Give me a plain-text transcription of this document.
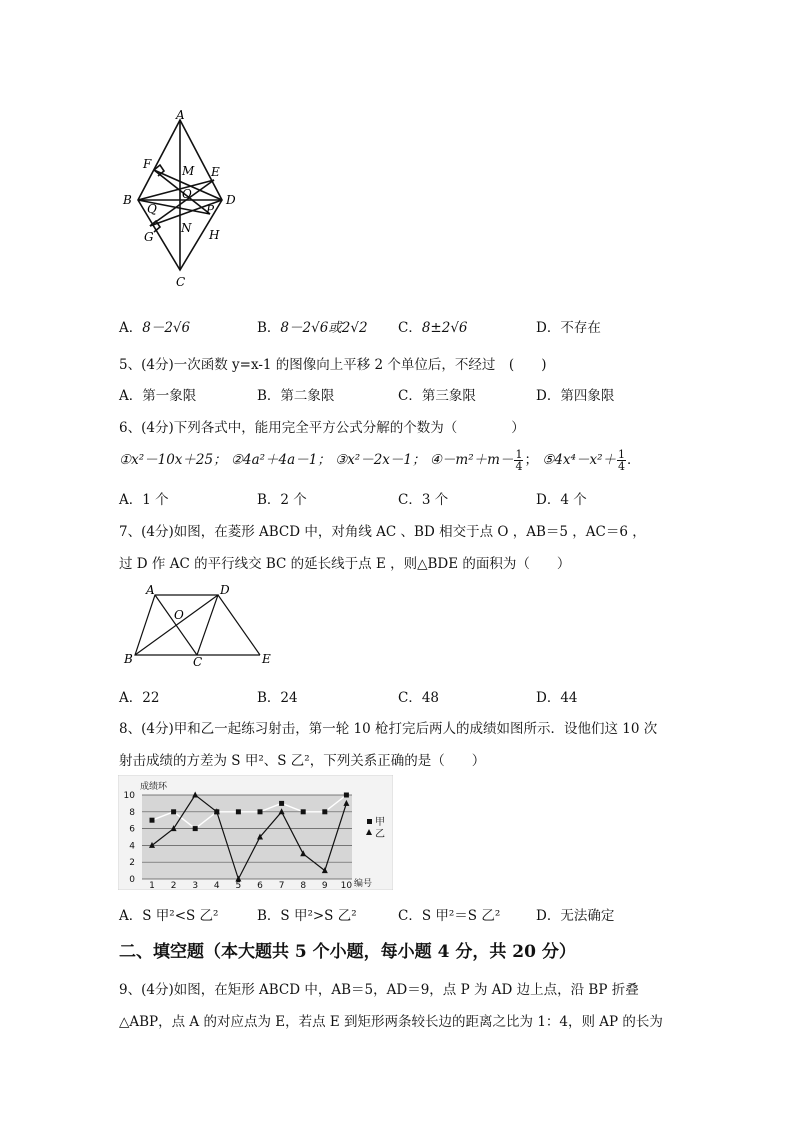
A
B
C
D
E
F
G	H
M
N
O
P
Q
A．8－2√6	B．8－2√6或2√2 C．8±2√6	D．不存在
5、(4分)一次函数 y=x-1 的图像向上平移 2 个单位后，不经过　(　　)
A．第一象限	B．第二象限	C．第三象限	D．第四象限
6、(4分)下列各式中，能用完全平方公式分解的个数为（　　　　）
①x²－10x＋25； ②4a²＋4a－1； ③x²－2x－1； ④－m²＋m－ $\frac{1}{4}$ ； ⑤4x⁴－x²＋ $\frac{1}{4}$ ．
A．1 个	B．2 个	C．3 个	D．4 个
7、(4分)如图，在菱形 ABCD 中，对角线 AC 、BD 相交于点 O ，AB＝5 ，AC＝6 ，
过 D 作 AC 的平行线交 BC 的延长线于点 E ，则△BDE 的面积为（　　）
A	D
B	C	E
O
A．22	B．24	C．48	D．44
8、(4分)甲和乙一起练习射击，第一轮 10 枪打完后两人的成绩如图所示．设他们这 10 次
射击成绩的方差为 S 甲²、S 乙²，下列关系正确的是（　　）
成绩环
编号
0
2
4
6
8
10
1 2 3 4 5 6 7 8 9 10
甲
乙
A．S 甲²<S 乙²	B．S 甲²>S 乙²	C．S 甲²＝S 乙²	D．无法确定
二、填空题（本大题共 5 个小题，每小题 4 分，共 20 分）
9、(4分)如图，在矩形 ABCD 中，AB＝5，AD＝9，点 P 为 AD 边上点，沿 BP 折叠
△ABP，点 A 的对应点为 E，若点 E 到矩形两条较长边的距离之比为 1：4，则 AP 的长为
